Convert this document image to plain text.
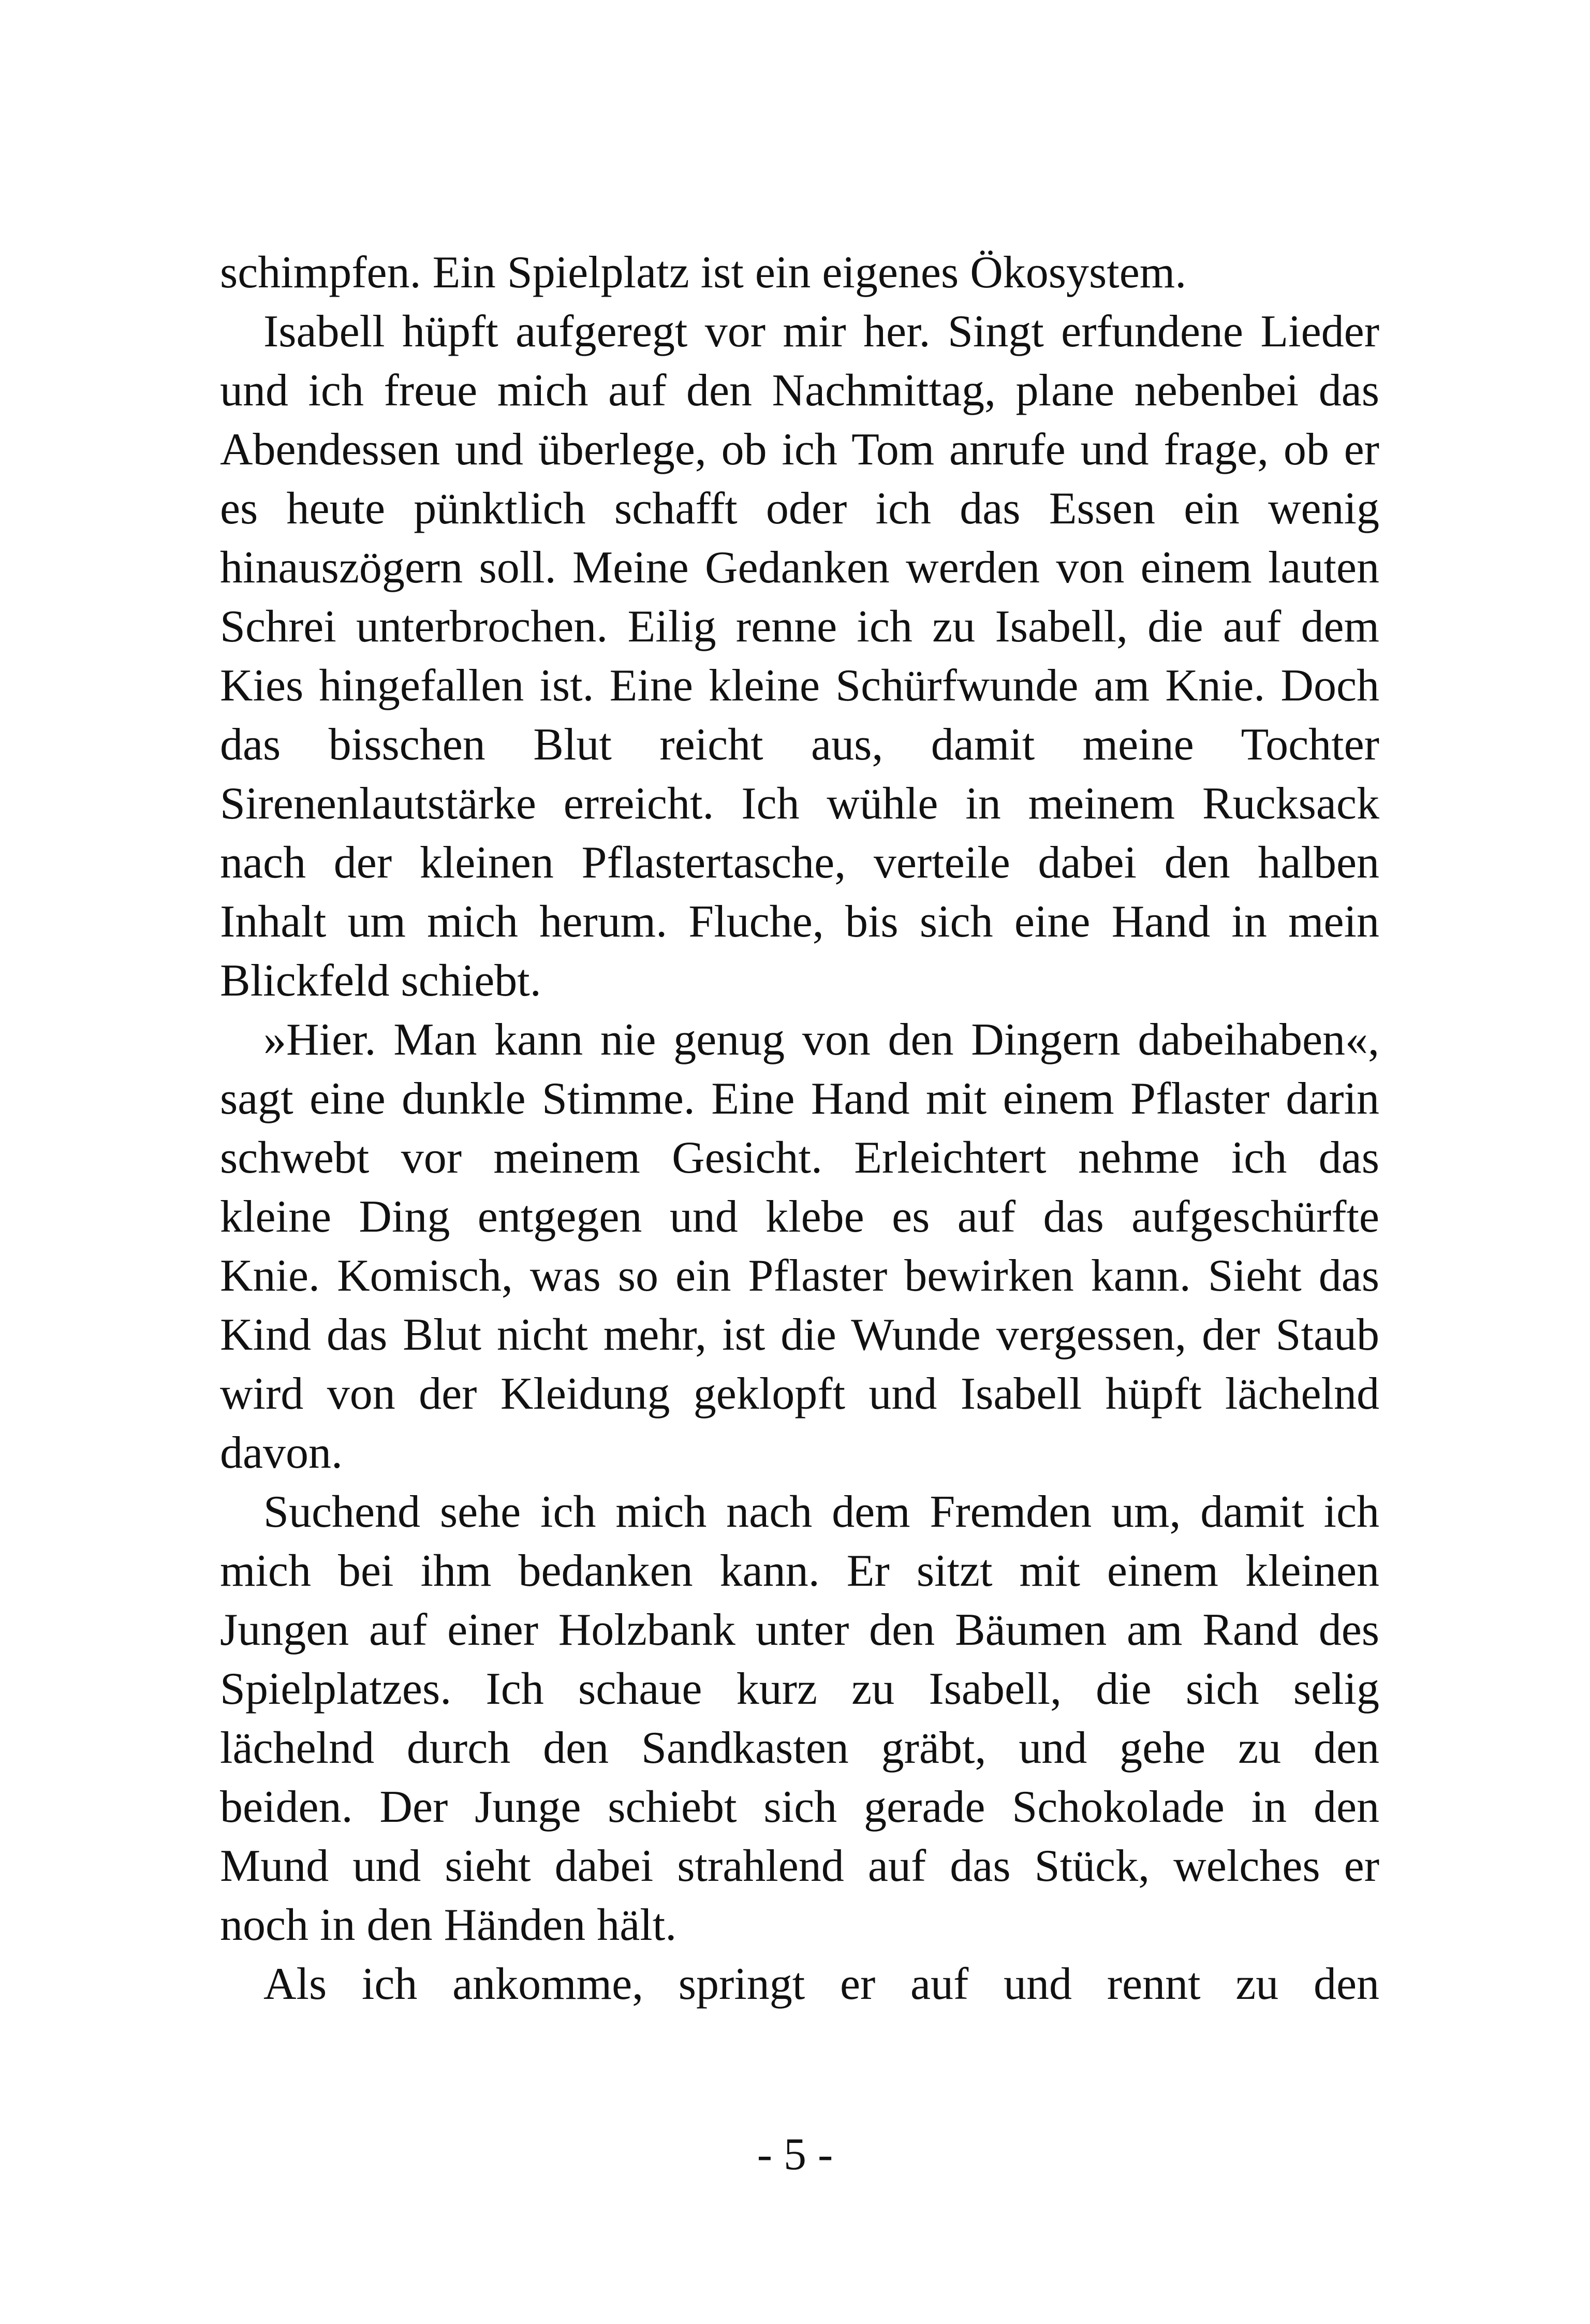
schimpfen. Ein Spielplatz ist ein eigenes Ökosystem.
Isabell hüpft aufgeregt vor mir her. Singt erfundene Lieder
und ich freue mich auf den Nachmittag, plane nebenbei das
Abendessen und überlege, ob ich Tom anrufe und frage, ob er
es heute pünktlich schafft oder ich das Essen ein wenig
hinauszögern soll. Meine Gedanken werden von einem lauten
Schrei unterbrochen. Eilig renne ich zu Isabell, die auf dem
Kies hingefallen ist. Eine kleine Schürfwunde am Knie. Doch
das bisschen Blut reicht aus, damit meine Tochter
Sirenenlautstärke erreicht. Ich wühle in meinem Rucksack
nach der kleinen Pflastertasche, verteile dabei den halben
Inhalt um mich herum. Fluche, bis sich eine Hand in mein
Blickfeld schiebt.
»Hier. Man kann nie genug von den Dingern dabeihaben«,
sagt eine dunkle Stimme. Eine Hand mit einem Pflaster darin
schwebt vor meinem Gesicht. Erleichtert nehme ich das
kleine Ding entgegen und klebe es auf das aufgeschürfte
Knie. Komisch, was so ein Pflaster bewirken kann. Sieht das
Kind das Blut nicht mehr, ist die Wunde vergessen, der Staub
wird von der Kleidung geklopft und Isabell hüpft lächelnd
davon.
Suchend sehe ich mich nach dem Fremden um, damit ich
mich bei ihm bedanken kann. Er sitzt mit einem kleinen
Jungen auf einer Holzbank unter den Bäumen am Rand des
Spielplatzes. Ich schaue kurz zu Isabell, die sich selig
lächelnd durch den Sandkasten gräbt, und gehe zu den
beiden. Der Junge schiebt sich gerade Schokolade in den
Mund und sieht dabei strahlend auf das Stück, welches er
noch in den Händen hält.
Als ich ankomme, springt er auf und rennt zu den
- 5 -
